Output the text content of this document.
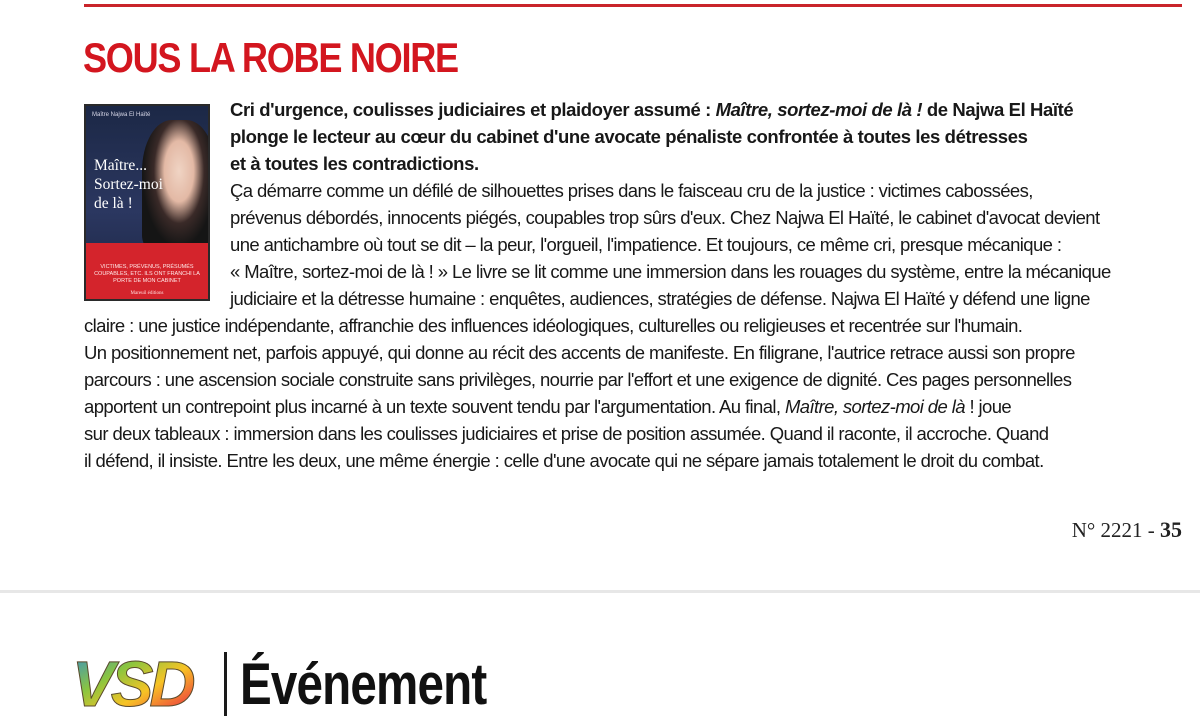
SOUS LA ROBE NOIRE
Maître Najwa El Haïté
Maître...
Sortez-moi
de là !
VICTIMES, PRÉVENUS, PRÉSUMÉS COUPABLES, ETC. ILS ONT FRANCHI LA PORTE DE MON CABINET
Mareuil éditions
Cri d'urgence, coulisses judiciaires et plaidoyer assumé : Maître, sortez-moi de là ! de Najwa El Haïté
plonge le lecteur au cœur du cabinet d'une avocate pénaliste confrontée à toutes les détresses
et à toutes les contradictions.
Ça démarre comme un défilé de silhouettes prises dans le faisceau cru de la justice : victimes cabossées,
prévenus débordés, innocents piégés, coupables trop sûrs d'eux. Chez Najwa El Haïté, le cabinet d'avocat devient
une antichambre où tout se dit – la peur, l'orgueil, l'impatience. Et toujours, ce même cri, presque mécanique :
« Maître, sortez-moi de là ! » Le livre se lit comme une immersion dans les rouages du système, entre la mécanique
judiciaire et la détresse humaine : enquêtes, audiences, stratégies de défense. Najwa El Haïté y défend une ligne
claire : une justice indépendante, affranchie des influences idéologiques, culturelles ou religieuses et recentrée sur l'humain.
Un positionnement net, parfois appuyé, qui donne au récit des accents de manifeste. En filigrane, l'autrice retrace aussi son propre
parcours : une ascension sociale construite sans privilèges, nourrie par l'effort et une exigence de dignité. Ces pages personnelles
apportent un contrepoint plus incarné à un texte souvent tendu par l'argumentation. Au final, Maître, sortez-moi de là ! joue
sur deux tableaux : immersion dans les coulisses judiciaires et prise de position assumée. Quand il raconte, il accroche. Quand
il défend, il insiste. Entre les deux, une même énergie : celle d'une avocate qui ne sépare jamais totalement le droit du combat.

N° 2221 - 35

VSD Événement
